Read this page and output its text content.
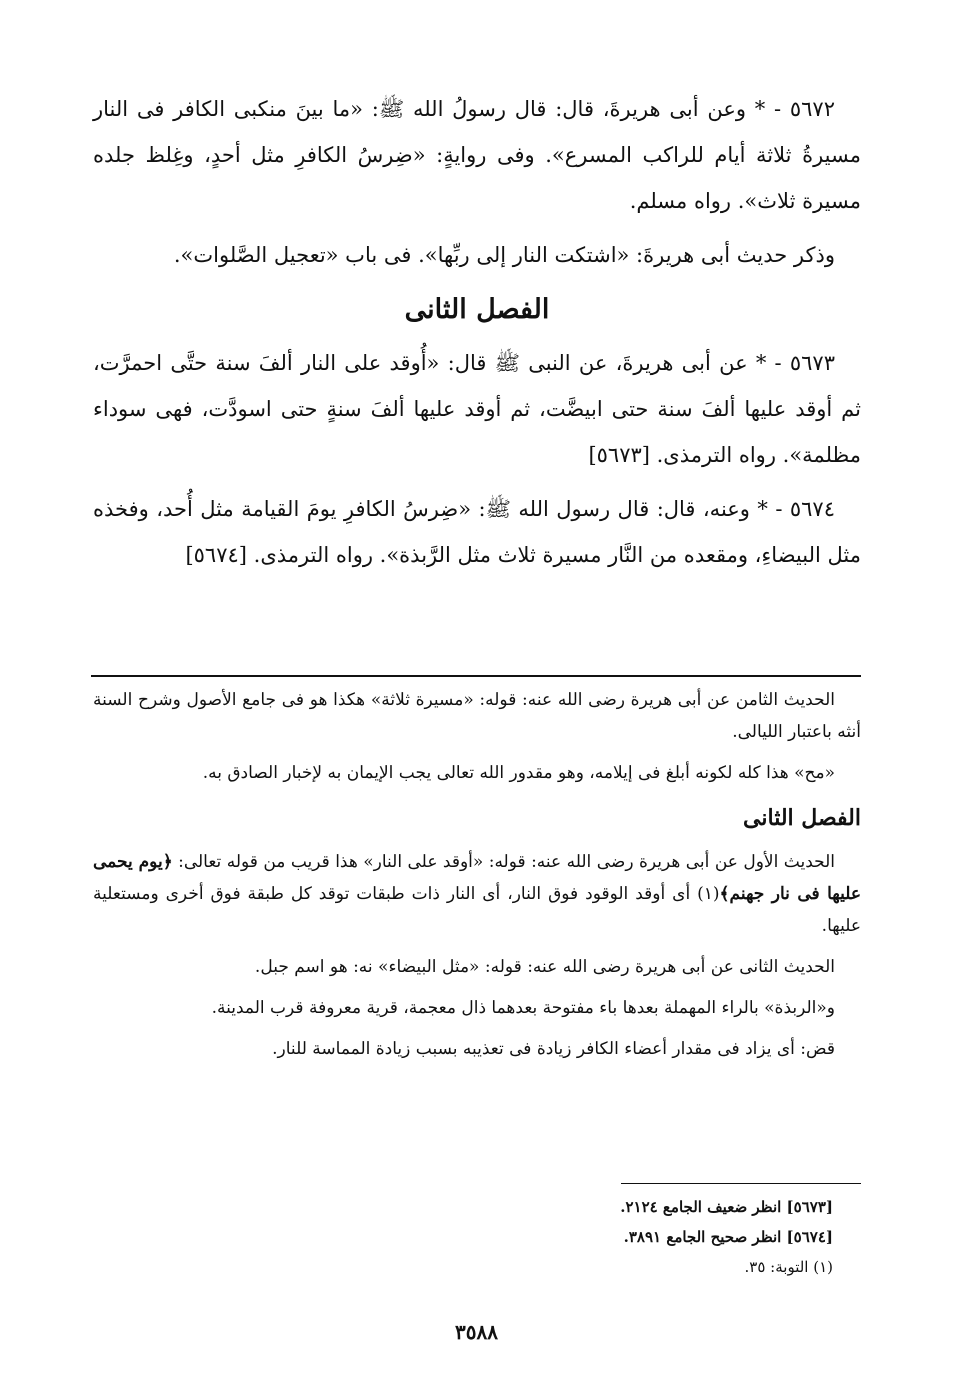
٥٦٧٢ - * وعن أبى هريرةَ، قال: قال رسولُ الله ﷺ: «ما بينَ منكبى الكافر فى النار مسيرةُ ثلاثة أيام للراكب المسرع». وفى روايةٍ: «ضِرسُ الكافرِ مثل أحدٍ، وغِلظ جلده مسيرة ثلاث». رواه مسلم.

وذكر حديث أبى هريرةَ: «اشتكت النار إلى ربِّها». فى باب «تعجيل الصَّلوات».

الفصل الثانى

٥٦٧٣ - * عن أبى هريرةَ، عن النبى ﷺ قال: «أُوقد على النار ألفَ سنة حتَّى احمرَّت، ثم أوقد عليها ألفَ سنة حتى ابيضَّت، ثم أوقد عليها ألفَ سنةٍ حتى اسودَّت، فهى سوداء مظلمة». رواه الترمذى. [٥٦٧٣]

٥٦٧٤ - * وعنه، قال: قال رسول الله ﷺ: «ضِرسُ الكافرِ يومَ القيامة مثل أُحد، وفخذه مثل البيضاءِ، ومقعده من النَّار مسيرة ثلاث مثل الرَّبذة». رواه الترمذى. [٥٦٧٤]

الحديث الثامن عن أبى هريرة رضى الله عنه: قوله: «مسيرة ثلاثة» هكذا هو فى جامع الأصول وشرح السنة أنثه باعتبار الليالى.

«مح» هذا كله لكونه أبلغ فى إيلامه، وهو مقدور الله تعالى يجب الإيمان به لإخبار الصادق به.

الفصل الثانى

الحديث الأول عن أبى هريرة رضى الله عنه: قوله: «أوقد على النار» هذا قريب من قوله تعالى: ﴿يوم يحمى عليها فى نار جهنم﴾(١) أى أوقد الوقود فوق النار، أى النار ذات طبقات توقد كل طبقة فوق أخرى ومستعلية عليها.

الحديث الثانى عن أبى هريرة رضى الله عنه: قوله: «مثل البيضاء» نه: هو اسم جبل.

و«الربذة» بالراء المهملة بعدها باء مفتوحة بعدهما ذال معجمة، قرية معروفة قرب المدينة.

قض: أى يزاد فى مقدار أعضاء الكافر زيادة فى تعذيبه بسبب زيادة المماسة للنار.

[٥٦٧٣] انظر ضعيف الجامع ٢١٢٤.
[٥٦٧٤] انظر صحيح الجامع ٣٨٩١.
(١) التوبة: ٣٥.
٣٥٨٨
